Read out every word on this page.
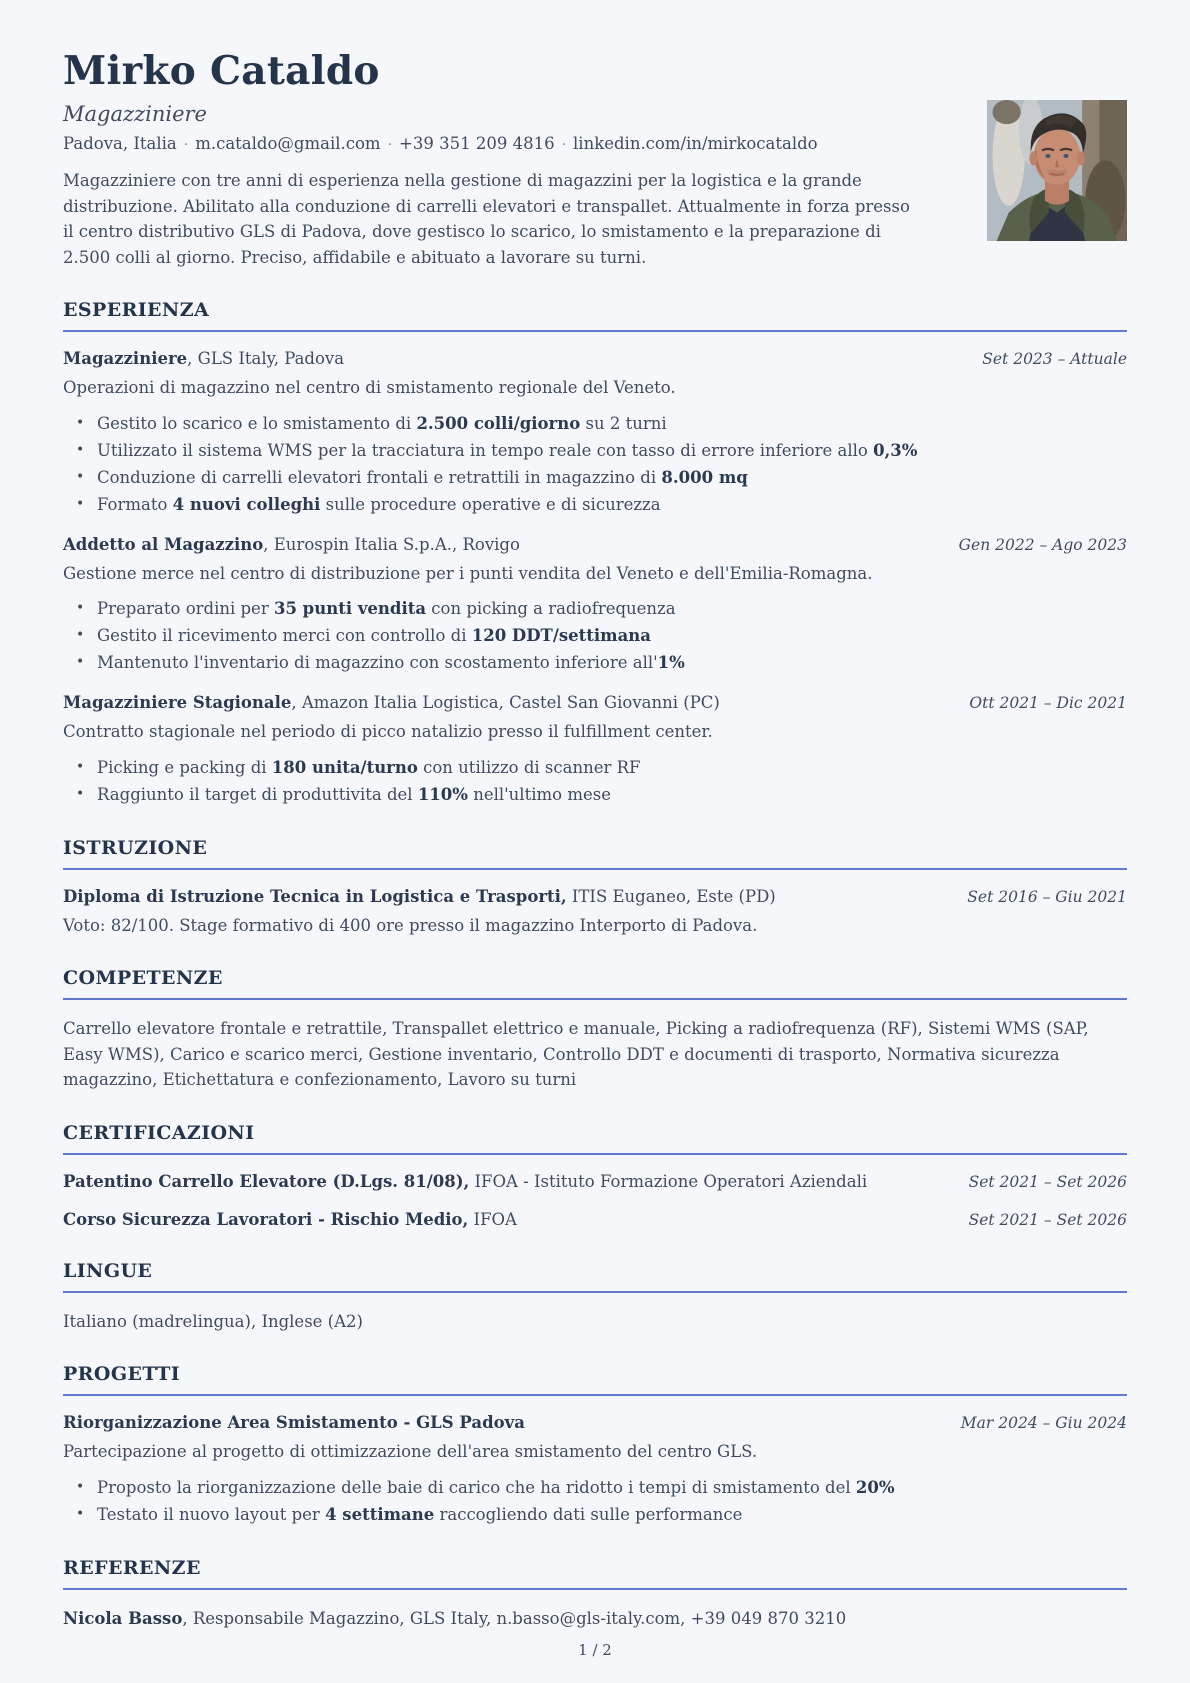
Mirko Cataldo
Magazziniere
Padova, Italia · m.cataldo@gmail.com · +39 351 209 4816 · linkedin.com/in/mirkocataldo

Magazziniere con tre anni di esperienza nella gestione di magazzini per la logistica e la grande distribuzione. Abilitato alla conduzione di carrelli elevatori e transpallet. Attualmente in forza presso il centro distributivo GLS di Padova, dove gestisco lo scarico, lo smistamento e la preparazione di 2.500 colli al giorno. Preciso, affidabile e abituato a lavorare su turni.

ESPERIENZA
Magazziniere, GLS Italy, Padova	Set 2023 – Attuale

Operazioni di magazzino nel centro di smistamento regionale del Veneto.

• Gestito lo scarico e lo smistamento di 2.500 colli/giorno su 2 turni
• Utilizzato il sistema WMS per la tracciatura in tempo reale con tasso di errore inferiore allo 0,3%
• Conduzione di carrelli elevatori frontali e retrattili in magazzino di 8.000 mq
• Formato 4 nuovi colleghi sulle procedure operative e di sicurezza
Addetto al Magazzino, Eurospin Italia S.p.A., Rovigo	Gen 2022 – Ago 2023

Gestione merce nel centro di distribuzione per i punti vendita del Veneto e dell'Emilia-Romagna.

• Preparato ordini per 35 punti vendita con picking a radiofrequenza
• Gestito il ricevimento merci con controllo di 120 DDT/settimana
• Mantenuto l'inventario di magazzino con scostamento inferiore all'1%
Magazziniere Stagionale, Amazon Italia Logistica, Castel San Giovanni (PC)	Ott 2021 – Dic 2021

Contratto stagionale nel periodo di picco natalizio presso il fulfillment center.

• Picking e packing di 180 unita/turno con utilizzo di scanner RF
• Raggiunto il target di produttivita del 110% nell'ultimo mese
ISTRUZIONE
Diploma di Istruzione Tecnica in Logistica e Trasporti, ITIS Euganeo, Este (PD)	Set 2016 – Giu 2021

Voto: 82/100. Stage formativo di 400 ore presso il magazzino Interporto di Padova.

COMPETENZE

Carrello elevatore frontale e retrattile, Transpallet elettrico e manuale, Picking a radiofrequenza (RF), Sistemi WMS (SAP, Easy WMS), Carico e scarico merci, Gestione inventario, Controllo DDT e documenti di trasporto, Normativa sicurezza magazzino, Etichettatura e confezionamento, Lavoro su turni

CERTIFICAZIONI
Patentino Carrello Elevatore (D.Lgs. 81/08), IFOA - Istituto Formazione Operatori Aziendali	Set 2021 – Set 2026
Corso Sicurezza Lavoratori - Rischio Medio, IFOA	Set 2021 – Set 2026
LINGUE

Italiano (madrelingua), Inglese (A2)

PROGETTI
Riorganizzazione Area Smistamento - GLS Padova	Mar 2024 – Giu 2024

Partecipazione al progetto di ottimizzazione dell'area smistamento del centro GLS.

• Proposto la riorganizzazione delle baie di carico che ha ridotto i tempi di smistamento del 20%
• Testato il nuovo layout per 4 settimane raccogliendo dati sulle performance
REFERENZE

Nicola Basso, Responsabile Magazzino, GLS Italy, n.basso@gls-italy.com, +39 049 870 3210

1 / 2
